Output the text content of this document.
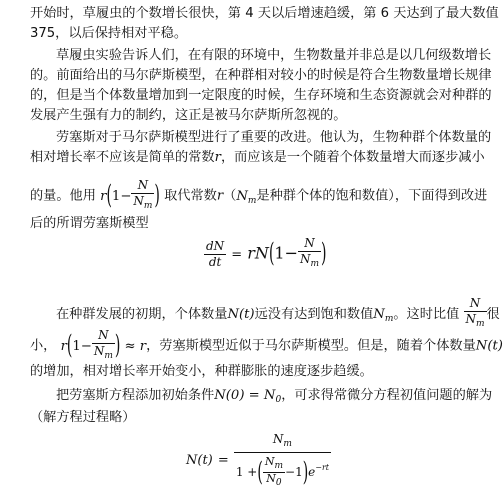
开始时，草履虫的个数增长很快，第 4 天以后增速趋缓，第 6 天达到了最大数值
375，以后保持相对平稳。
草履虫实验告诉人们，在有限的环境中，生物数量并非总是以几何级数增长
的。前面给出的马尔萨斯模型，在种群相对较小的时候是符合生物数量增长规律
的，但是当个体数量增加到一定限度的时候，生存环境和生态资源就会对种群的
发展产生强有力的制约，这正是被马尔萨斯所忽视的。
劳塞斯对于马尔萨斯模型进行了重要的改进。他认为，生物种群个体数量的
相对增长率不应该是简单的常数r，而应该是一个随着个体数量增大而逐步减小
的量。他用 $r(1- \frac{N}{N_m}$ ) 取代常数$r(N_m$是种群个体的饱和数值），下面得到改进
后的所谓劳塞斯模型
$\frac{dN}{dt} = rN(1- \frac{N}{N_m}$ )
在种群发展的初期，个体数量N(t)远没有达到饱和数值$N_m$。这时比值 $\frac{N}{N_m}$ 很
小， $r(1- \frac{N}{N_m}$ ) ≈ r，劳塞斯模型近似于马尔萨斯模型。但是，随着个体数量N(t)
的增加，相对增长率开始变小，种群膨胀的速度逐步趋缓。
把劳塞斯方程添加初始条件$N(0) = N_0$，可求得常微分方程初值问题的解为
（解方程过程略）
$N(t) = \frac{N_m}{1 +( \frac{N_m}{N_0} -1)e^{-rt}}$
